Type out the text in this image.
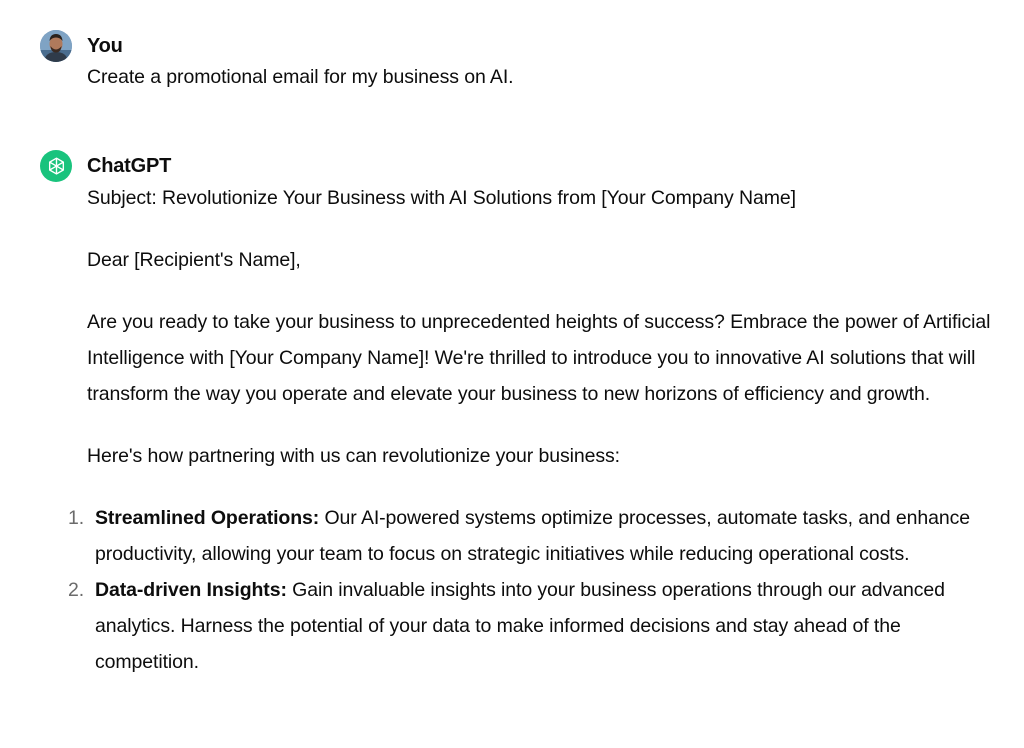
You
Create a promotional email for my business on AI.
ChatGPT

Subject: Revolutionize Your Business with AI Solutions from [Your Company Name]

Dear [Recipient's Name],

Are you ready to take your business to unprecedented heights of success? Embrace the power of Artificial Intelligence with [Your Company Name]! We're thrilled to introduce you to innovative AI solutions that will transform the way you operate and elevate your business to new horizons of efficiency and growth.

Here's how partnering with us can revolutionize your business:

1. Streamlined Operations: Our AI-powered systems optimize processes, automate tasks, and enhance productivity, allowing your team to focus on strategic initiatives while reducing operational costs.
2. Data-driven Insights: Gain invaluable insights into your business operations through our advanced analytics. Harness the potential of your data to make informed decisions and stay ahead of the competition.
